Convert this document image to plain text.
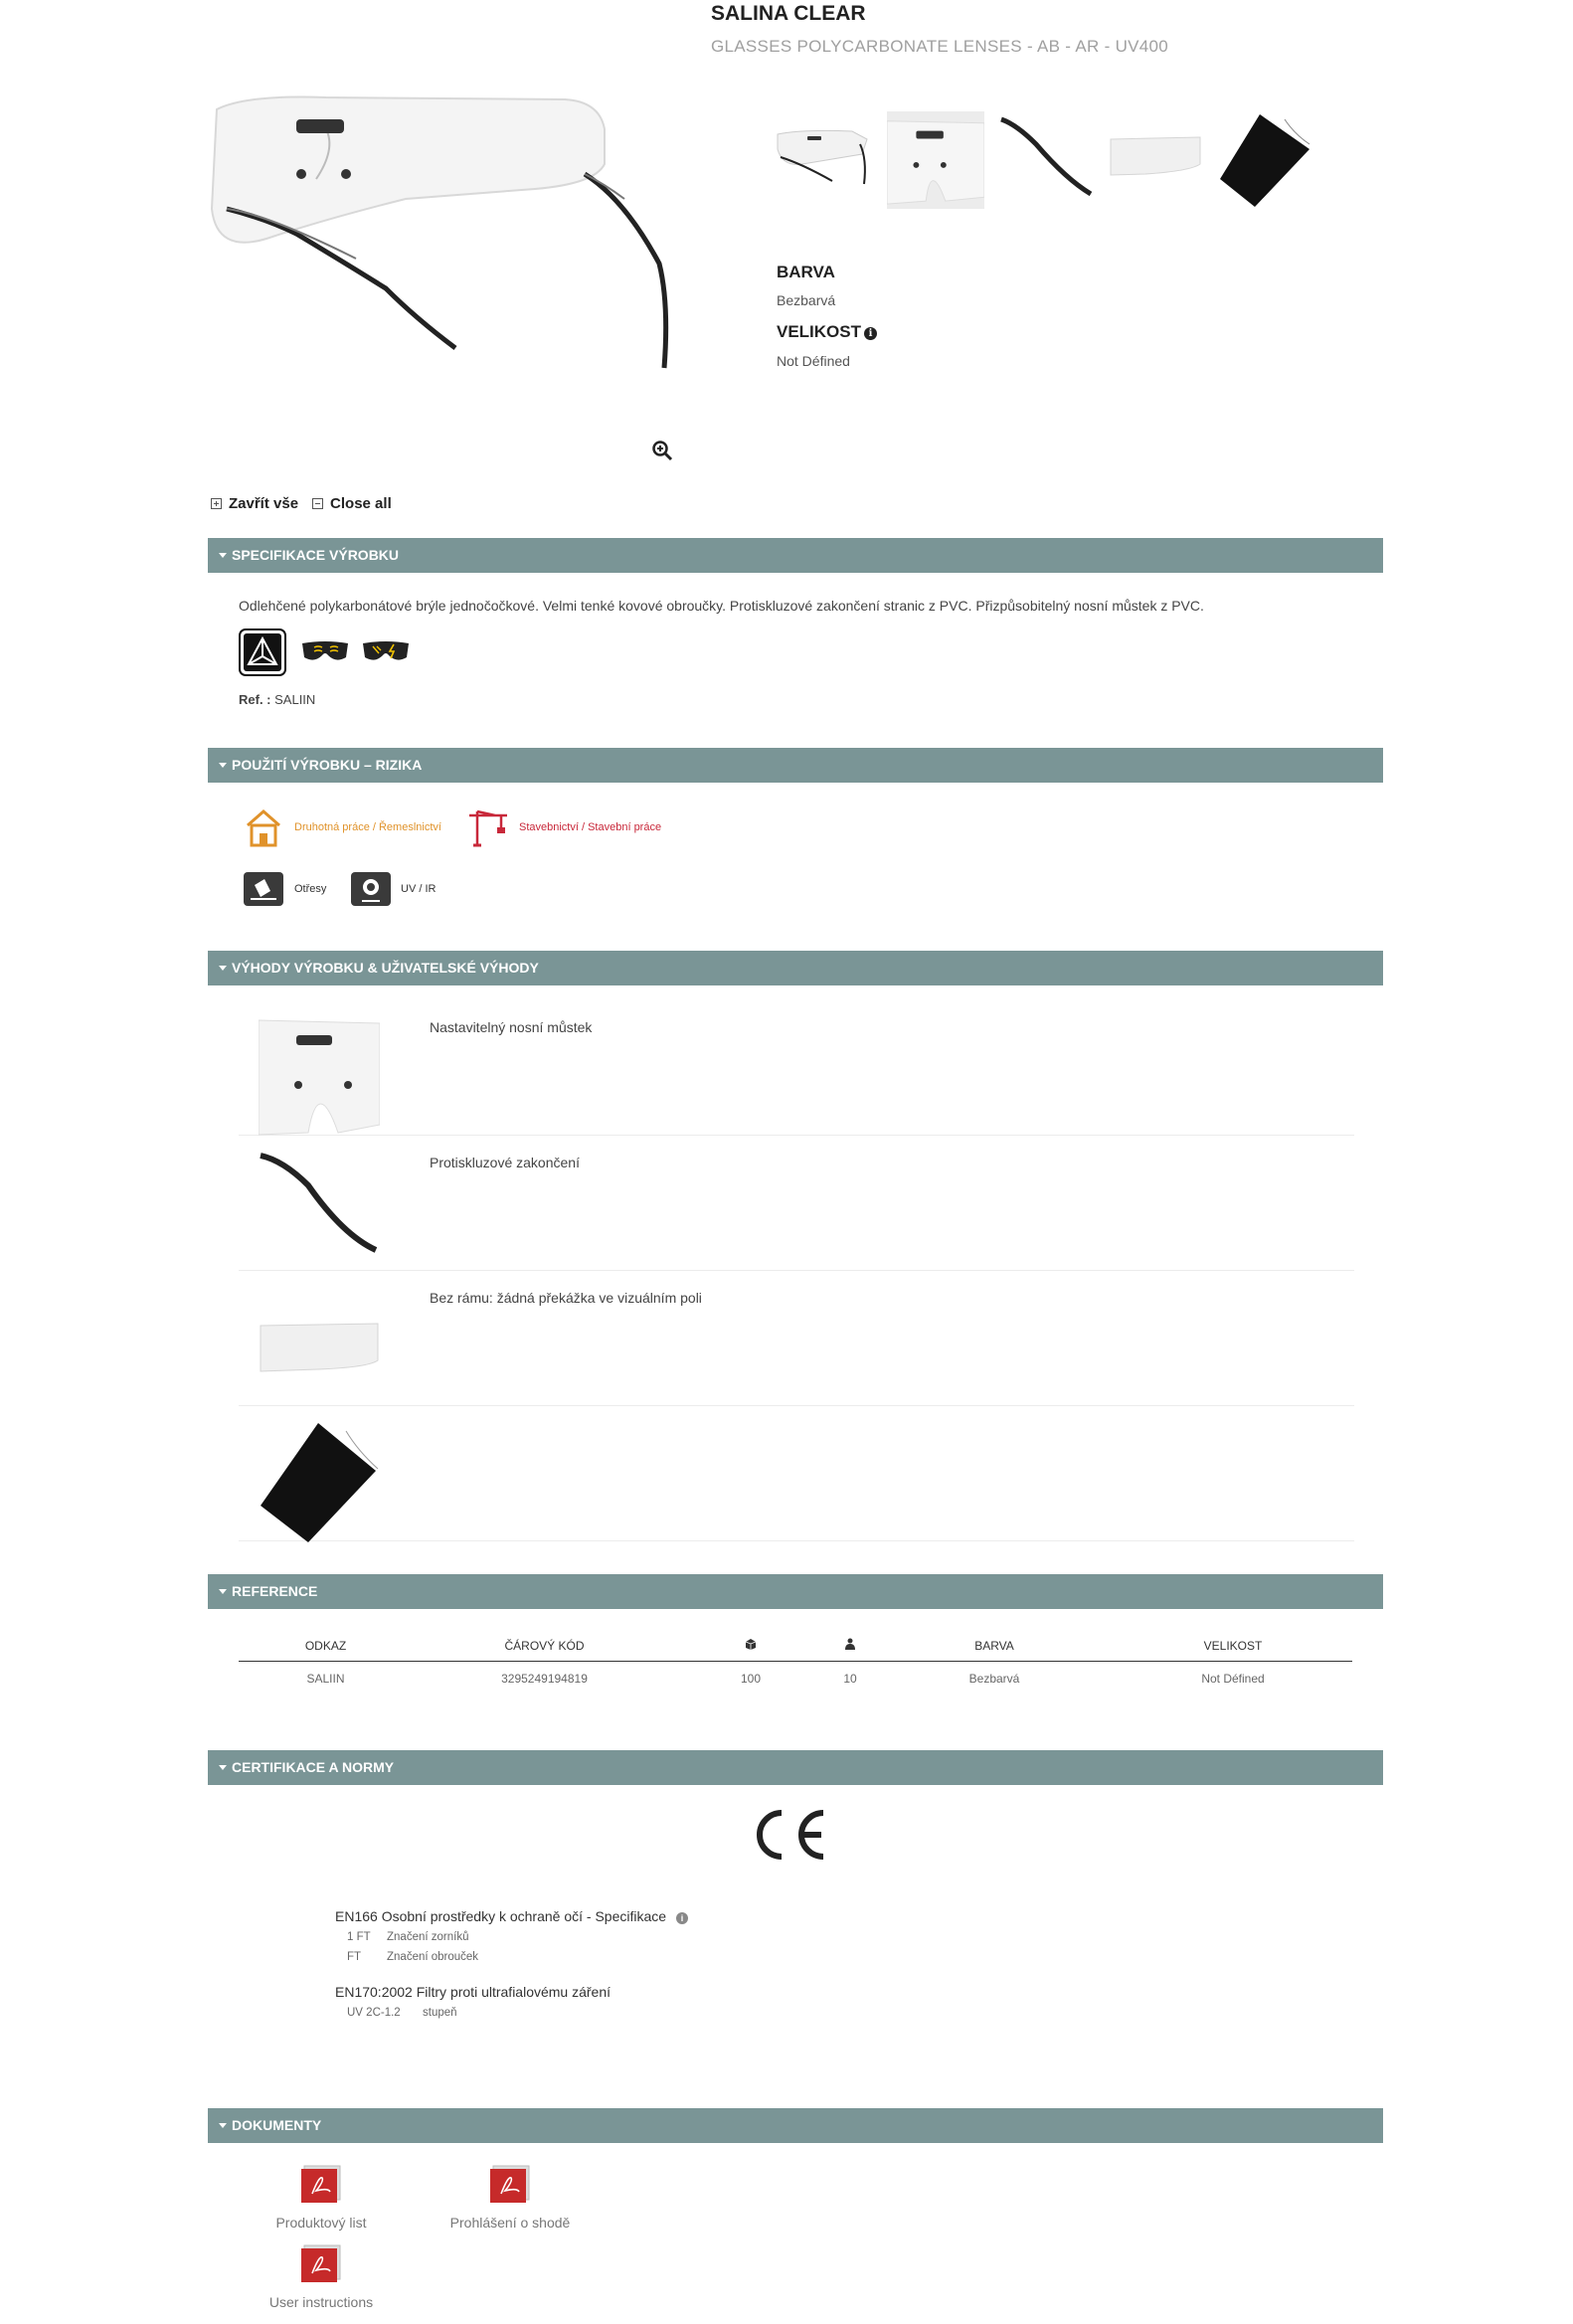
SALINA CLEAR
GLASSES POLYCARBONATE LENSES - AB - AR - UV400
BARVA
Bezbarvá
VELIKOST i
Not Défined
Zavřít vše Close all
SPECIFIKACE VÝROBKU
Odlehčené polykarbonátové brýle jednočočkové. Velmi tenké kovové obroučky. Protiskluzové zakončení stranic z PVC. Přizpůsobitelný nosní můstek z PVC.
Ref. : SALIIN
POUŽITÍ VÝROBKU – RIZIKA
Druhotná práce / Řemeslnictví	Stavebnictví / Stavební práce
Otřesy	UV / IR
VÝHODY VÝROBKU & UŽIVATELSKÉ VÝHODY
Nastavitelný nosní můstek
Protiskluzové zakončení
Bez rámu: žádná překážka ve vizuálním poli
REFERENCE
ODKAZ	ČÁROVÝ KÓD			BARVA	VELIKOST
SALIIN	3295249194819	100	10	Bezbarvá	Not Défined
CERTIFIKACE A NORMY
EN166 Osobní prostředky k ochraně očí - Specifikace i
1 FT Značení zorníků
FT Značení obrouček
EN170:2002 Filtry proti ultrafialovému záření
UV 2C-1.2 stupeň
DOKUMENTY
Produktový list	Prohlášení o shodě
User instructions
